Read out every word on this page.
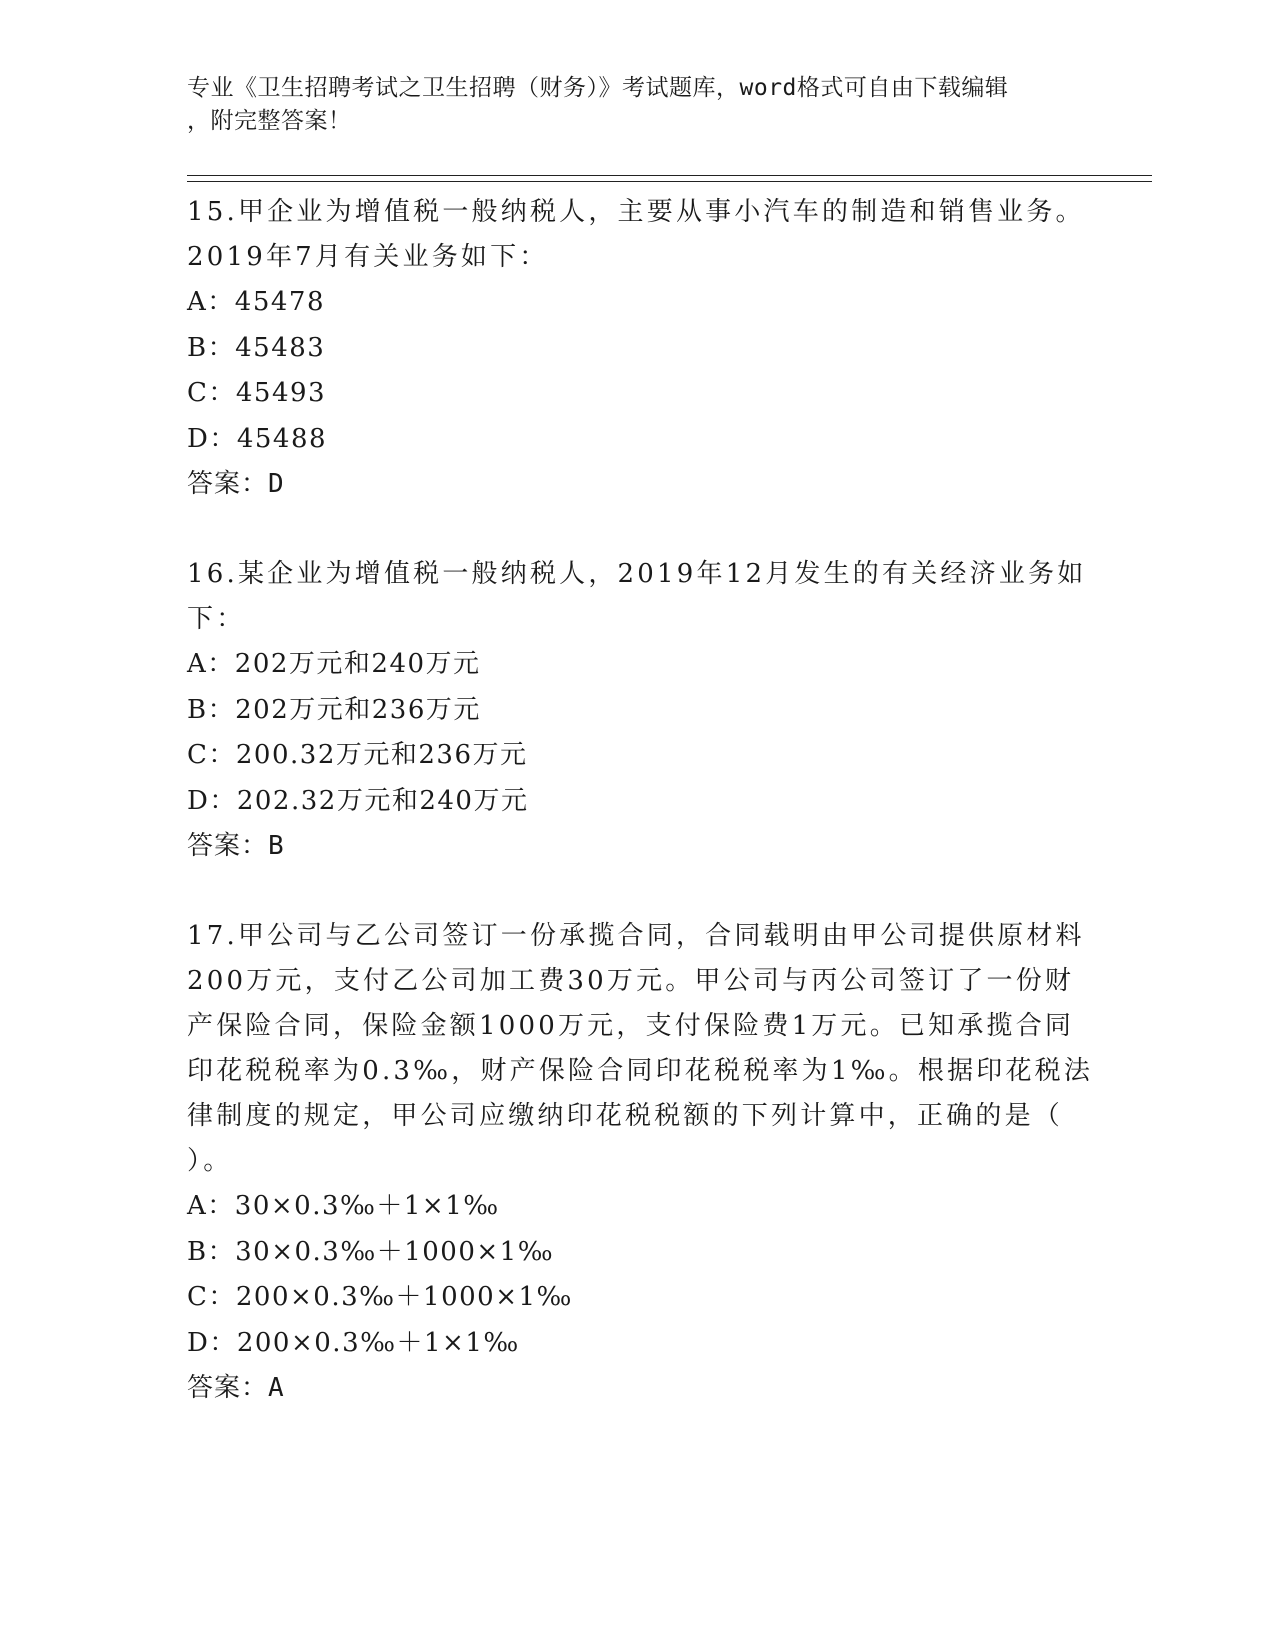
专业《卫生招聘考试之卫生招聘（财务）》考试题库，word格式可自由下载编辑
，附完整答案！
15.甲企业为增值税一般纳税人，主要从事小汽车的制造和销售业务。
2019年7月有关业务如下：
A：45478
B：45483
C：45493
D：45488
答案：D
16.某企业为增值税一般纳税人，2019年12月发生的有关经济业务如
下：
A：202万元和240万元
B：202万元和236万元
C：200.32万元和236万元
D：202.32万元和240万元
答案：B
17.甲公司与乙公司签订一份承揽合同，合同载明由甲公司提供原材料
200万元，支付乙公司加工费30万元。甲公司与丙公司签订了一份财
产保险合同，保险金额1000万元，支付保险费1万元。已知承揽合同
印花税税率为0.3‰，财产保险合同印花税税率为1‰。根据印花税法
律制度的规定，甲公司应缴纳印花税税额的下列计算中，正确的是（
）。
A：30×0.3‰＋1×1‰
B：30×0.3‰＋1000×1‰
C：200×0.3‰＋1000×1‰
D：200×0.3‰＋1×1‰
答案：A
